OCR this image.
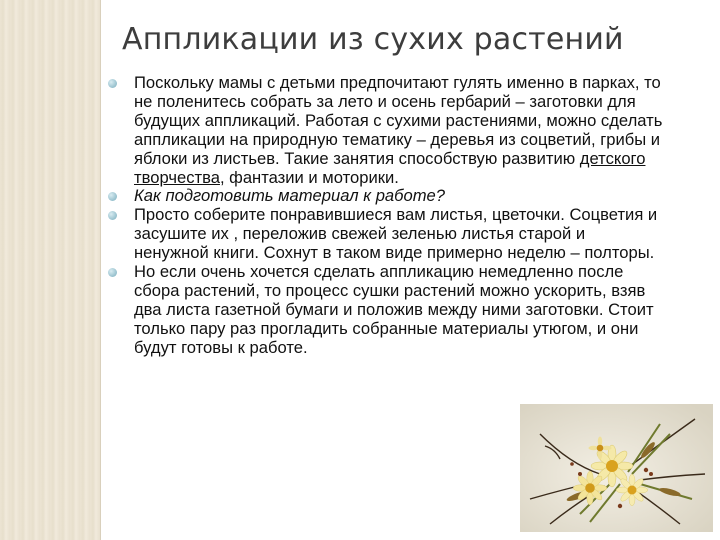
Аппликации из сухих растений
Поскольку мамы с детьми предпочитают гулять именно в парках, то не поленитесь собрать за лето и осень гербарий – заготовки для будущих аппликаций. Работая с сухими растениями, можно сделать аппликации на природную тематику – деревья из соцветий, грибы и яблоки из листьев. Такие занятия способствую развитию детского творчества, фантазии и моторики.
Как подготовить материал к работе?
Просто соберите понравившиеся вам листья, цветочки. Соцветия и засушите их , переложив свежей зеленью листья старой и ненужной книги. Сохнут в таком виде примерно неделю – полторы.
Но если очень хочется сделать аппликацию немедленно после сбора растений, то процесс сушки растений можно ускорить, взяв два листа газетной бумаги и положив между ними заготовки. Стоит только пару раз прогладить собранные материалы утюгом, и они будут готовы к работе.
